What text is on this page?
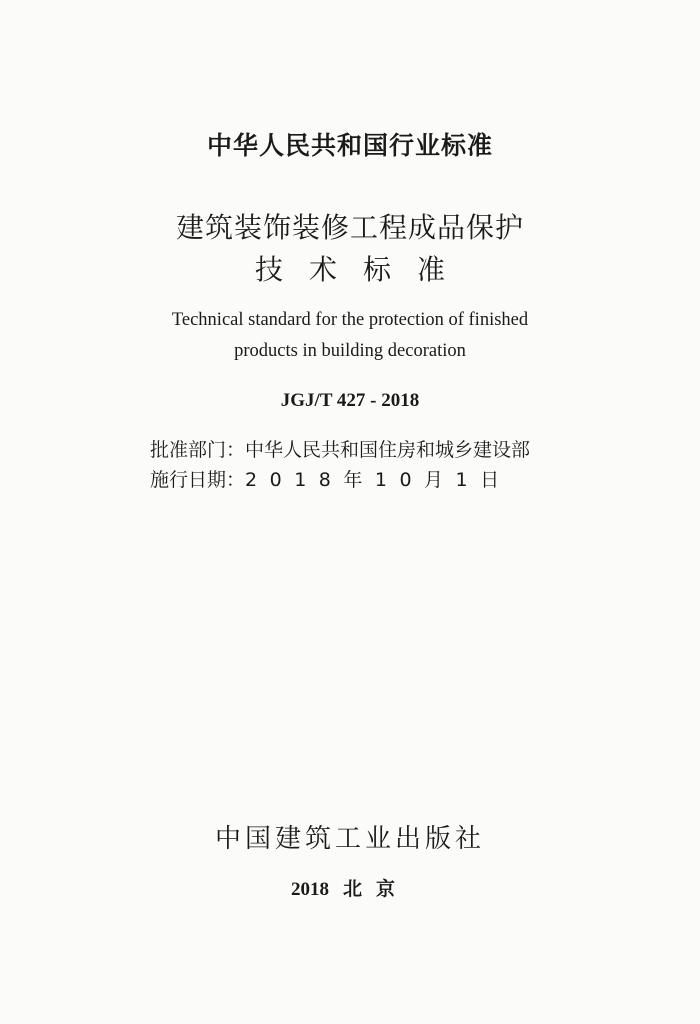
中华人民共和国行业标准
建筑装饰装修工程成品保护
技术标准
Technical standard for the protection of finished
products in building decoration
JGJ/T 427 - 2018
批准部门：中华人民共和国住房和城乡建设部
施行日期：2018年10月1日
中国建筑工业出版社
2018 北京
